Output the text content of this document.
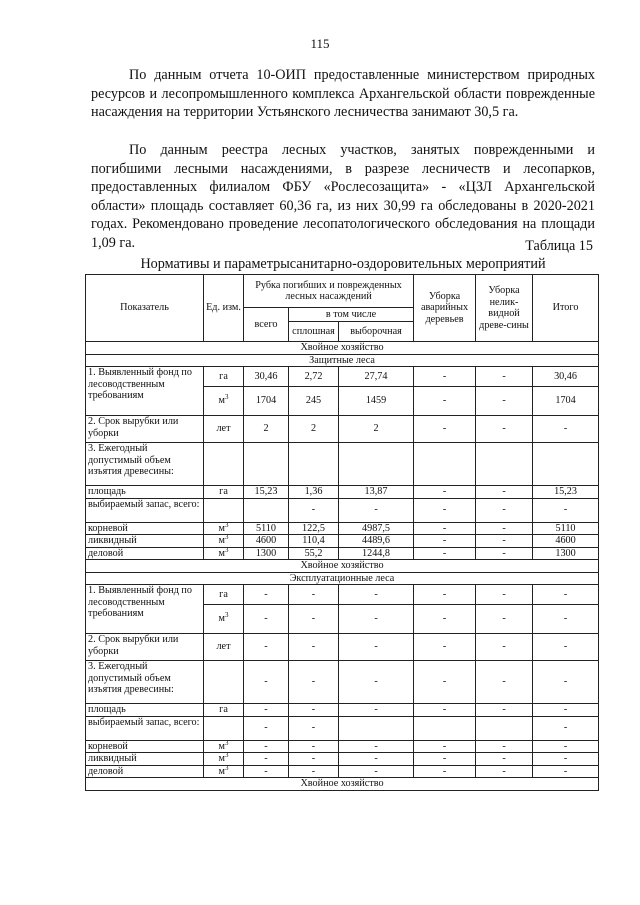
115

По данным отчета 10-ОИП предоставленные министерством природных ресурсов и лесопромышленного комплекса Архангельской области поврежденные насаждения на территории Устьянского лесничества занимают 30,5 га.

По данным реестра лесных участков, занятых поврежденными и погибшими лесными насаждениями, в разрезе лесничеств и лесопарков, предоставленных филиалом ФБУ «Рослесозащита» - «ЦЗЛ Архангельской области» площадь составляет 60,36 га, из них 30,99 га обследованы в 2020-2021 годах. Рекомендовано проведение лесопатологического обследования на площади 1,09 га.	Таблица 15
Нормативы и параметрысанитарно-оздоровительных мероприятий
Показатель	Ед. изм.	Рубка погибших и поврежденных лесных насаждений			Уборка аварийных деревьев	Уборка нелик-видной древе-сины	Итого
		всего	в том числе				
			сплошная	выборочная			
Хвойное хозяйство							
Защитные леса							
1. Выявленный фонд по лесоводственным требованиям	га	30,46	2,72	27,74	-	-	30,46
	$м^3$	1704	245	1459	-	-	1704
2. Срок вырубки или уборки	лет	2	2	2	-	-	-
3. Ежегодный допустимый объем изъятия древесины:							
площадь	га	15,23	1,36	13,87	-	-	15,23
выбираемый запас, всего:			-	-	-	-	-
корневой	$м^3$	5110	122,5	4987,5	-	-	5110
ликвидный	$м^3$	4600	110,4	4489,6	-	-	4600
деловой	$м^3$	1300	55,2	1244,8	-	-	1300
Хвойное хозяйство							
Эксплуатационные леса							
1. Выявленный фонд по лесоводственным требованиям	га	-	-	-	-	-	-
	$м^3$	-	-	-	-	-	-
2. Срок вырубки или уборки	лет	-	-	-	-	-	-
3. Ежегодный допустимый объем изъятия древесины:		-	-	-	-	-	-
площадь	га	-	-	-	-	-	-
выбираемый запас, всего:		-	-				-
корневой	$м^3$	-	-	-	-	-	-
ликвидный	$м^3$	-	-	-	-	-	-
деловой	$м^3$	-	-	-	-	-	-
Хвойное хозяйство							
